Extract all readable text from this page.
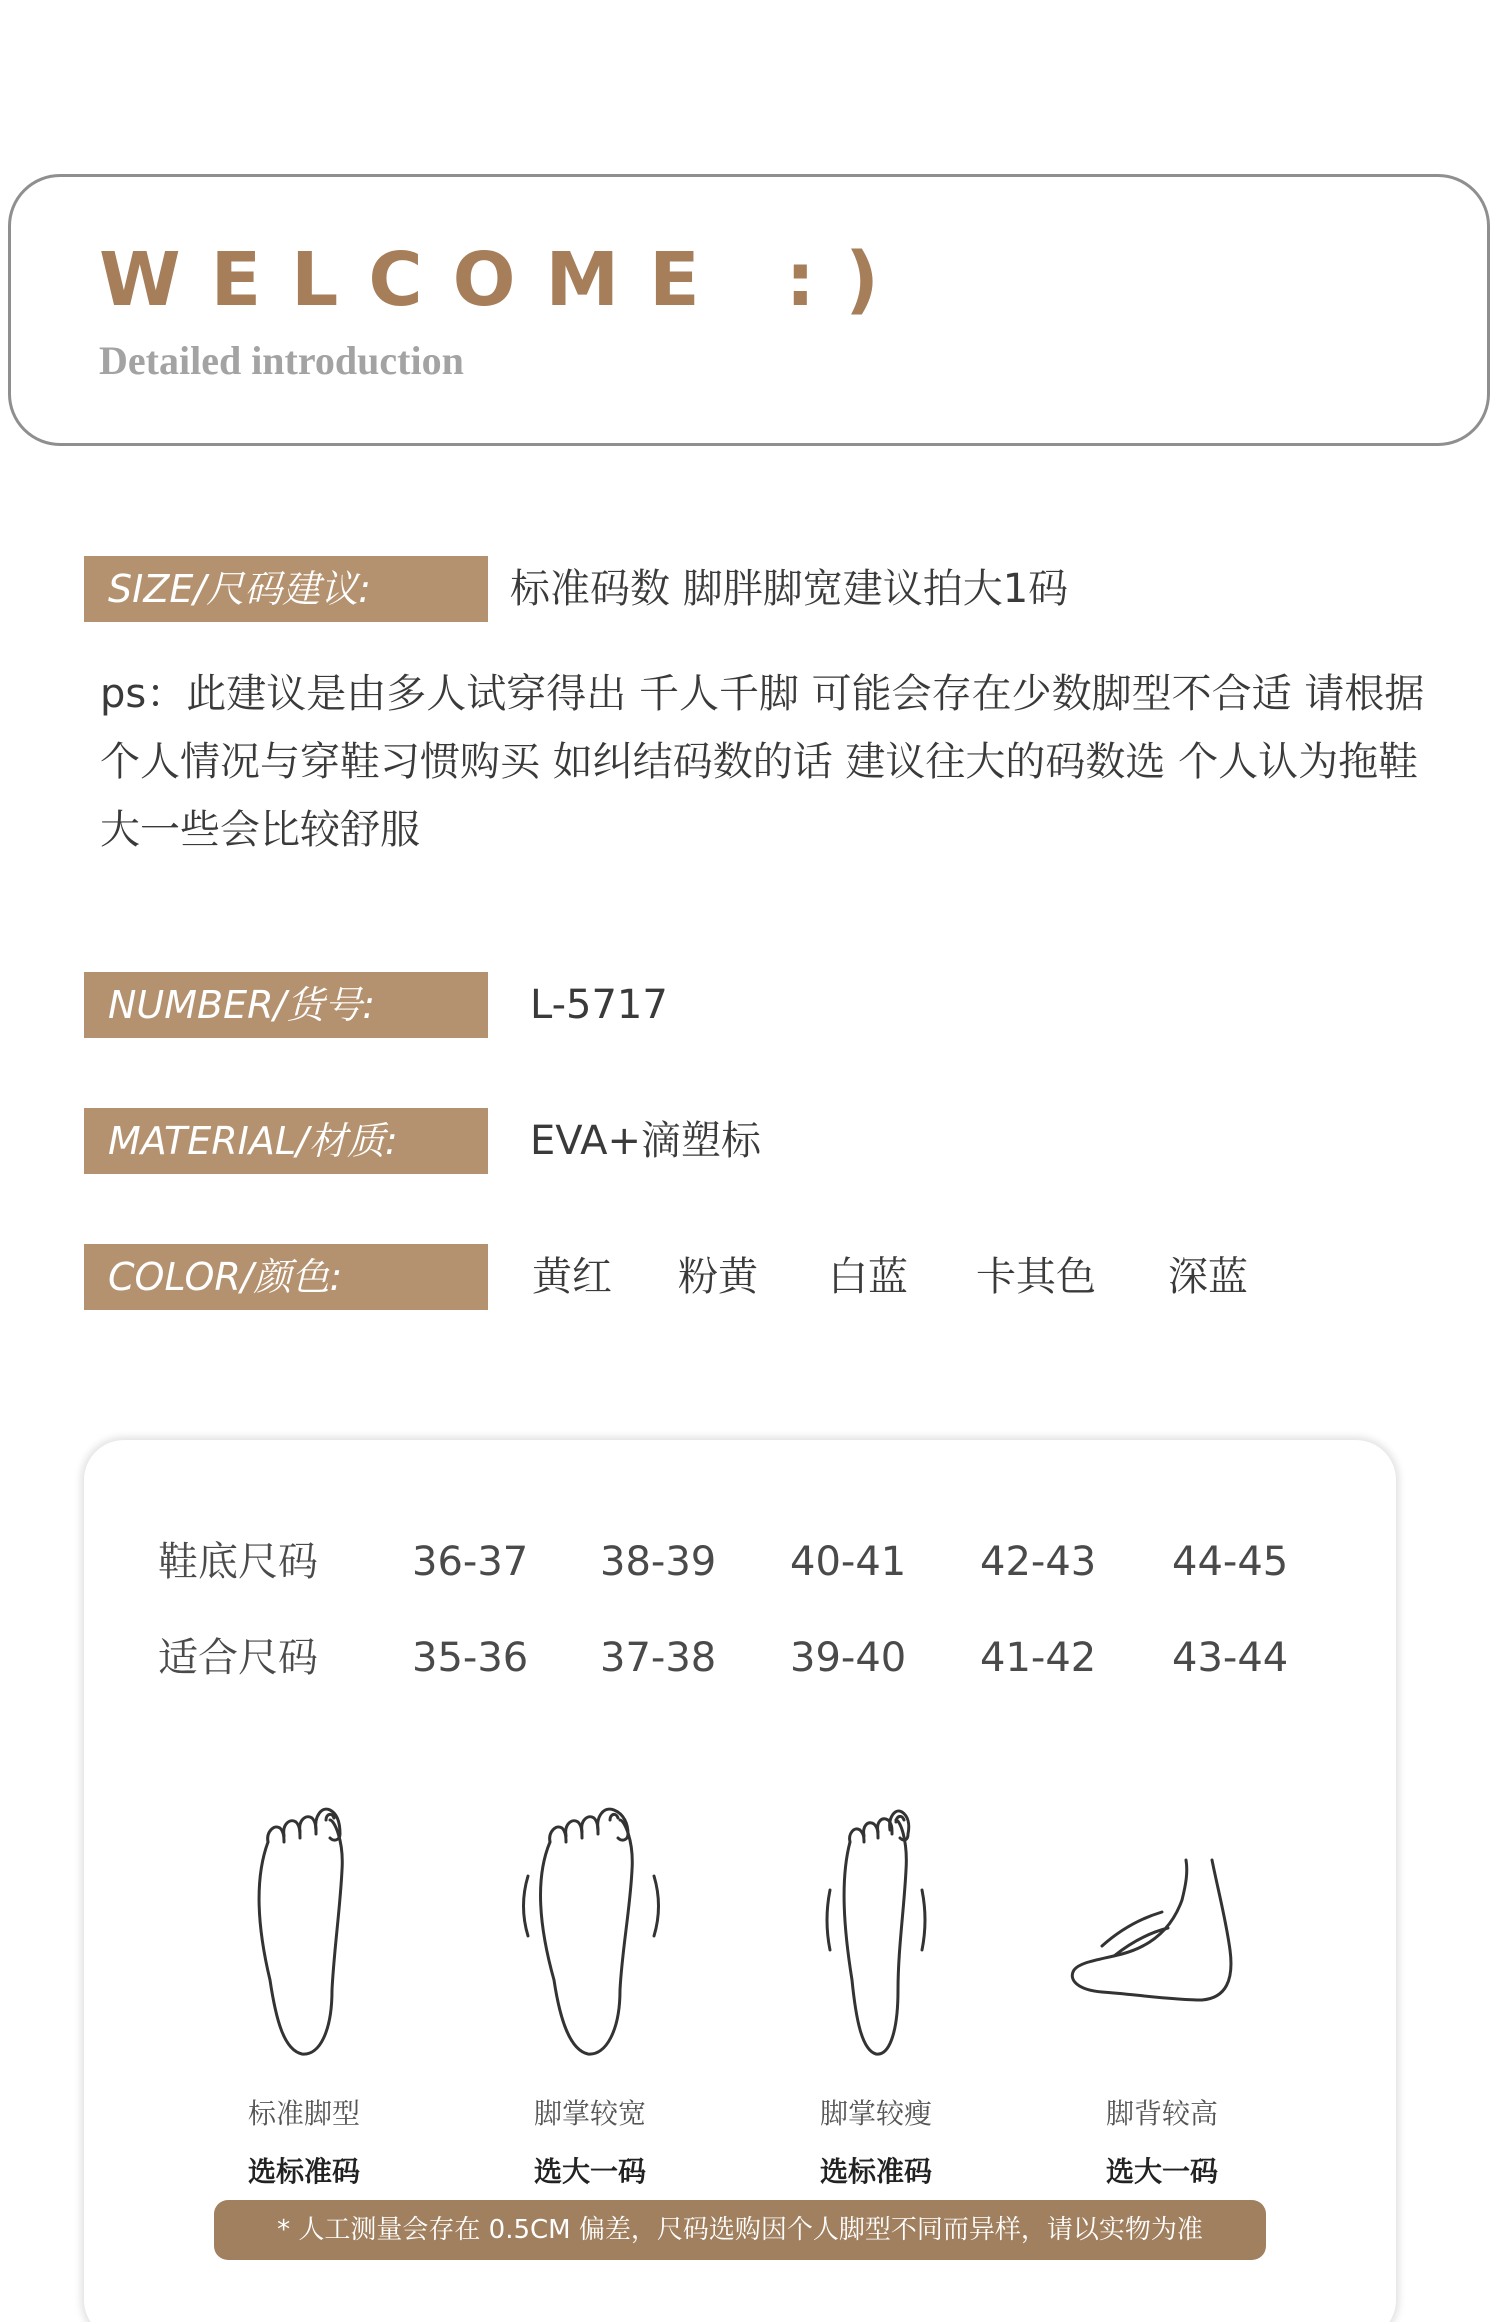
WELCOME :)
Detailed introduction
SIZE/尺码建议:	标准码数 脚胖脚宽建议拍大1码
ps：此建议是由多人试穿得出 千人千脚 可能会存在少数脚型不合适 请根据个人情况与穿鞋习惯购买 如纠结码数的话 建议往大的码数选 个人认为拖鞋大一些会比较舒服
NUMBER/货号:	L-5717
MATERIAL/材质:	EVA+滴塑标
COLOR/颜色:	黄红 粉黄 白蓝 卡其色 深蓝
鞋底尺码 36-37 38-39 40-41 42-43 44-45
适合尺码 35-36 37-38 39-40 41-42 43-44
标准脚型
选标准码
脚掌较宽
选大一码
脚掌较瘦
选标准码
脚背较高
选大一码
* 人工测量会存在 0.5CM 偏差，尺码选购因个人脚型不同而异样，请以实物为准
